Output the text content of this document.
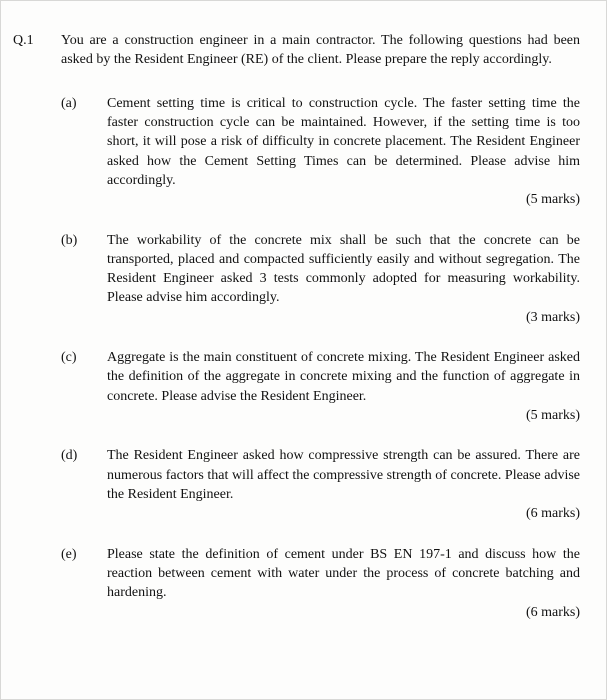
Q.1	You are a construction engineer in a main contractor. The following questions had been asked by the Resident Engineer (RE) of the client. Please prepare the reply accordingly.
(a)	Cement setting time is critical to construction cycle. The faster setting time the faster construction cycle can be maintained. However, if the setting time is too short, it will pose a risk of difficulty in concrete placement. The Resident Engineer asked how the Cement Setting Times can be determined. Please advise him accordingly.
(5 marks)
(b)	The workability of the concrete mix shall be such that the concrete can be transported, placed and compacted sufficiently easily and without segregation. The Resident Engineer asked 3 tests commonly adopted for measuring workability. Please advise him accordingly.
(3 marks)
(c)	Aggregate is the main constituent of concrete mixing. The Resident Engineer asked the definition of the aggregate in concrete mixing and the function of aggregate in concrete. Please advise the Resident Engineer.
(5 marks)
(d)	The Resident Engineer asked how compressive strength can be assured. There are numerous factors that will affect the compressive strength of concrete. Please advise the Resident Engineer.
(6 marks)
(e)	Please state the definition of cement under BS EN 197-1 and discuss how the reaction between cement with water under the process of concrete batching and hardening.
(6 marks)
